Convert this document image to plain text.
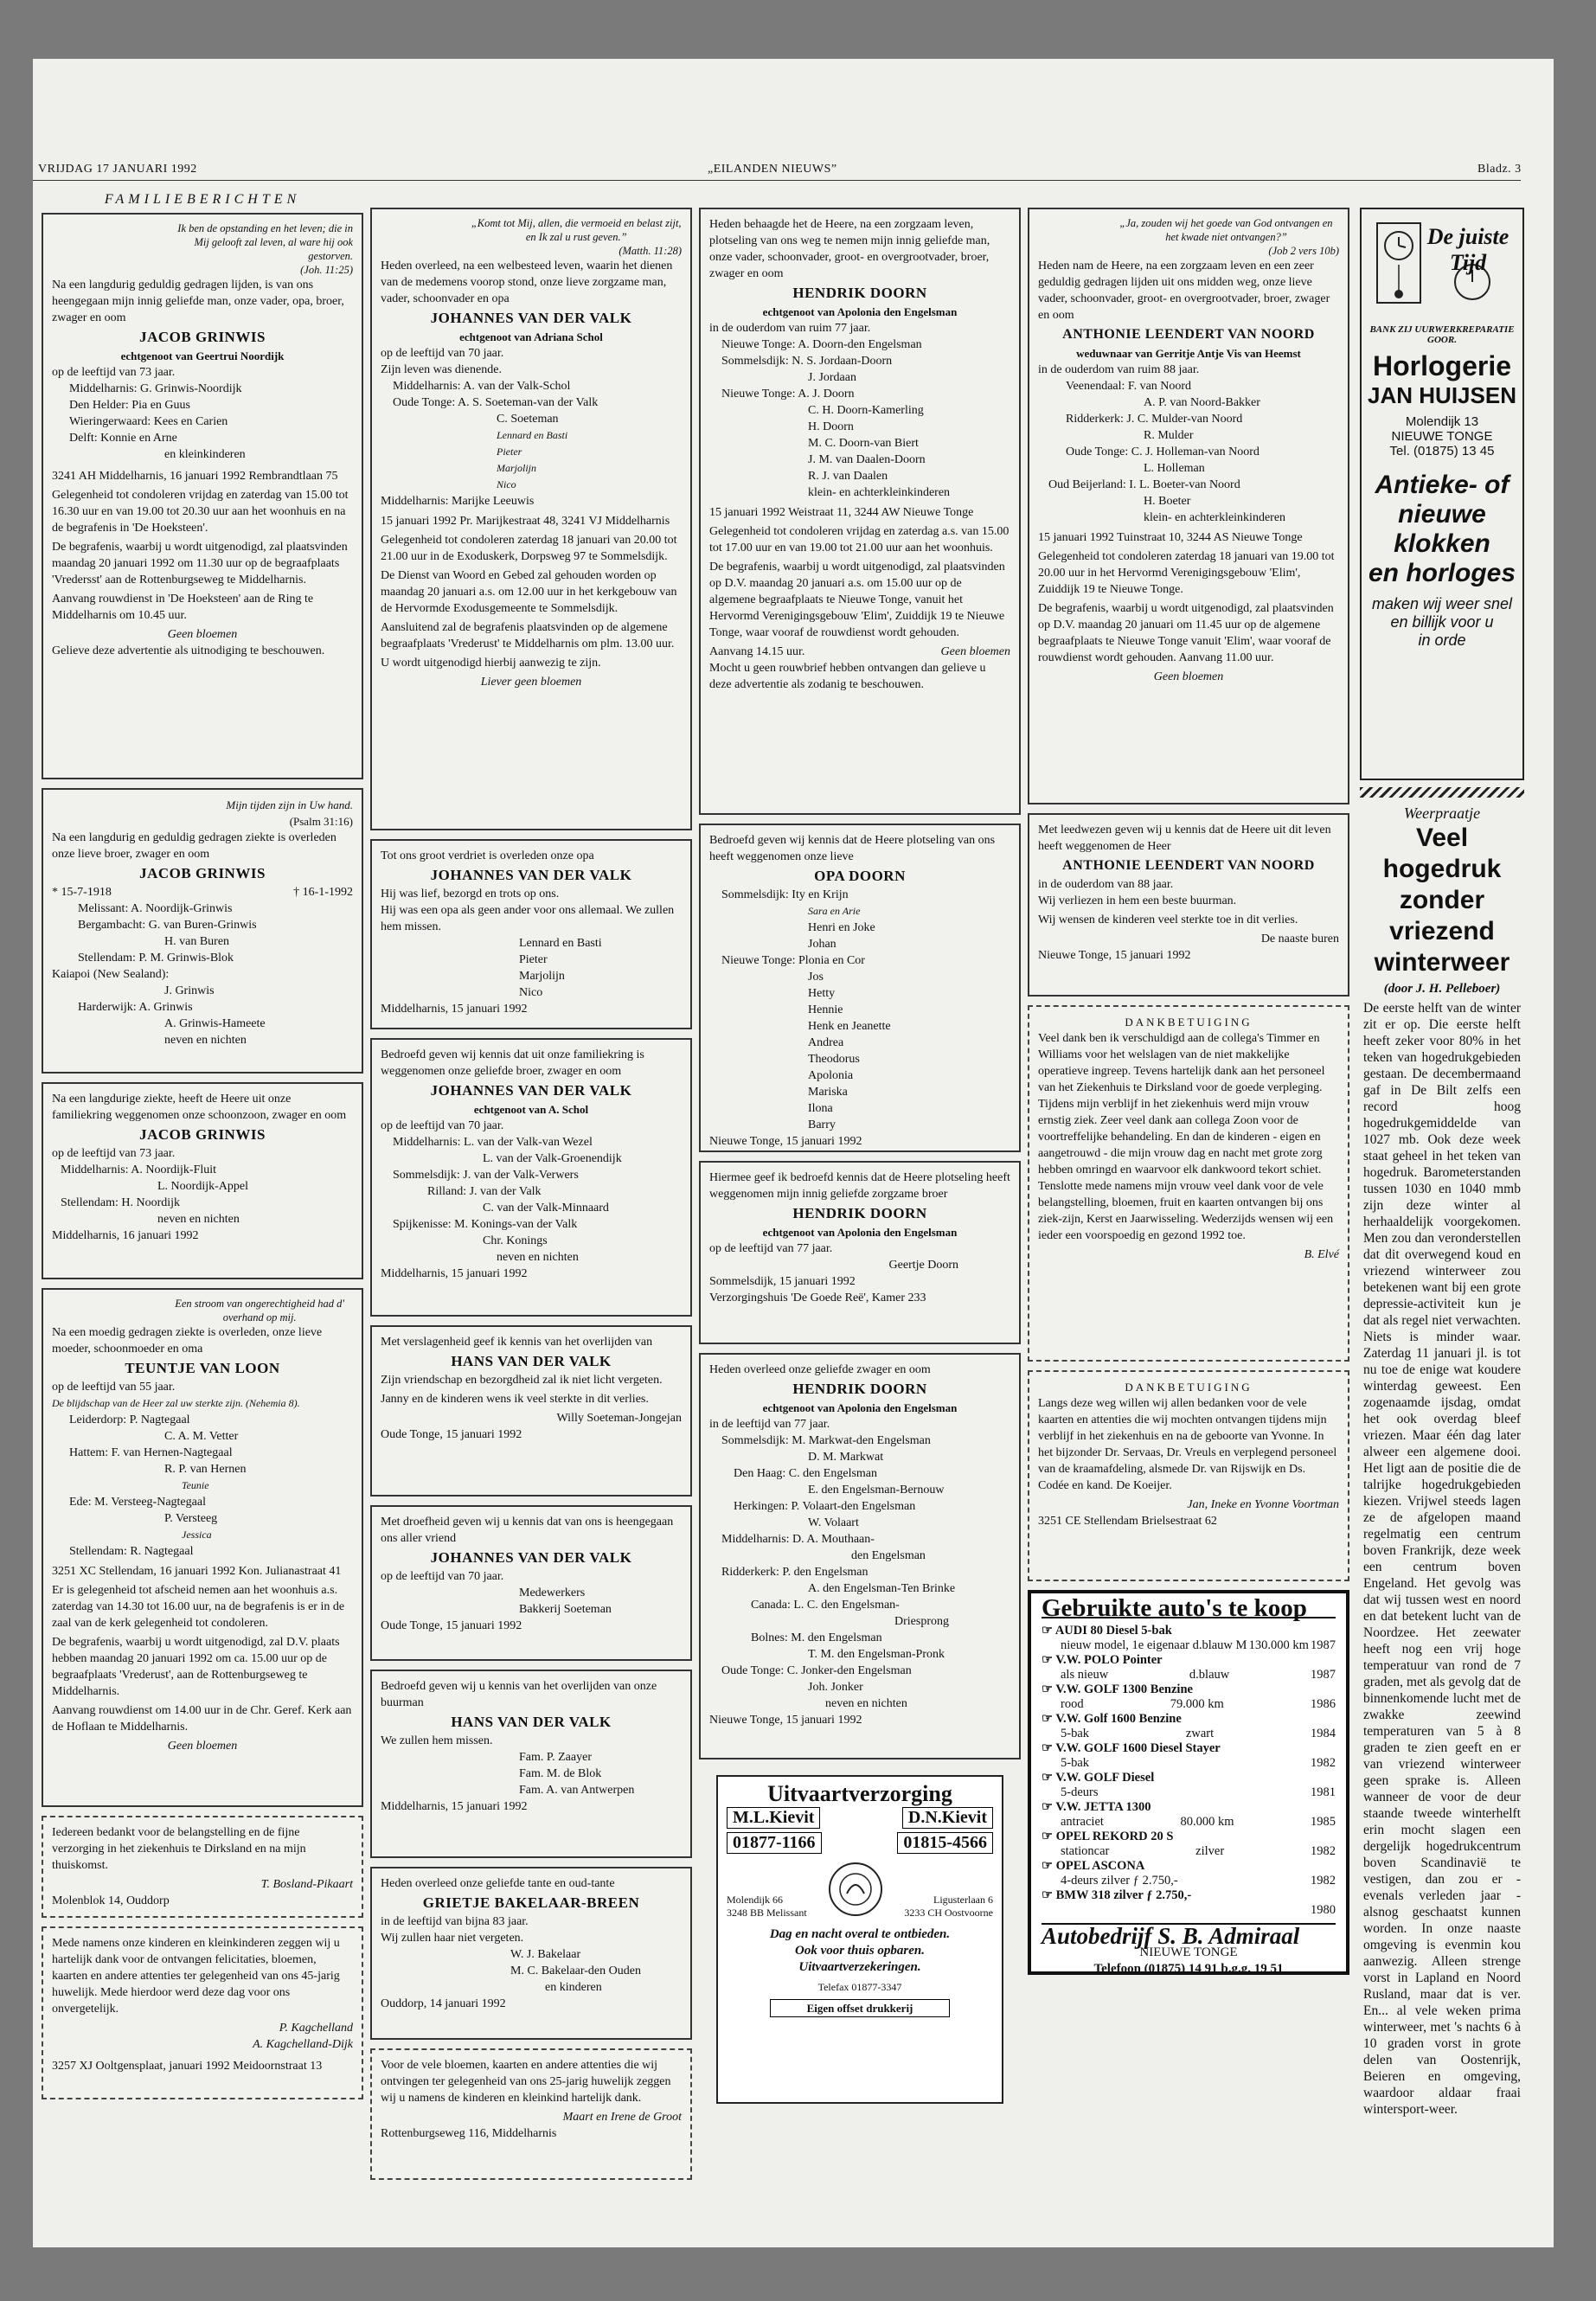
VRIJDAG 17 JANUARI 1992	„EILANDEN NIEUWS”	Bladz. 3
FAMILIEBERICHTEN
Ik ben de opstanding en het leven; die in Mij gelooft zal leven, al ware hij ook gestorven.
(Joh. 11:25)

Na een langdurig geduldig gedragen lijden, is van ons heengegaan mijn innig geliefde man, onze vader, opa, broer, zwager en oom

JACOB GRINWIS
echtgenoot van Geertrui Noordijk
op de leeftijd van 73 jaar.
Middelharnis: G. Grinwis-Noordijk
Den Helder: Pia en Guus
Wieringerwaard: Kees en Carien
Delft: Konnie en Arne
en kleinkinderen

3241 AH Middelharnis, 16 januari 1992 Rembrandtlaan 75

Gelegenheid tot condoleren vrijdag en zaterdag van 15.00 tot 16.30 uur en van 19.00 tot 20.30 uur aan het woonhuis en na de begrafenis in 'De Hoeksteen'.

De begrafenis, waarbij u wordt uitgenodigd, zal plaatsvinden maandag 20 januari 1992 om 11.30 uur op de begraafplaats 'Vredersst' aan de Rottenburgseweg te Middelharnis.

Aanvang rouwdienst in 'De Hoeksteen' aan de Ring te Middelharnis om 10.45 uur.

Geen bloemen

Gelieve deze advertentie als uitnodiging te beschouwen.

Mijn tijden zijn in Uw hand.
(Psalm 31:16)

Na een langdurig en geduldig gedragen ziekte is overleden onze lieve broer, zwager en oom

JACOB GRINWIS
* 15-7-1918	† 16-1-1992
Melissant: A. Noordijk-Grinwis
Bergambacht: G. van Buren-Grinwis
H. van Buren
Stellendam: P. M. Grinwis-Blok
Kaiapoi (New Sealand):
J. Grinwis
Harderwijk: A. Grinwis
A. Grinwis-Hameete
neven en nichten

Na een langdurige ziekte, heeft de Heere uit onze familiekring weggenomen onze schoonzoon, zwager en oom

JACOB GRINWIS
op de leeftijd van 73 jaar.
Middelharnis: A. Noordijk-Fluit
L. Noordijk-Appel
Stellendam: H. Noordijk
neven en nichten
Middelharnis, 16 januari 1992
Een stroom van ongerechtigheid had d' overhand op mij.

Na een moedig gedragen ziekte is overleden, onze lieve moeder, schoonmoeder en oma

TEUNTJE VAN LOON
op de leeftijd van 55 jaar.
De blijdschap van de Heer zal uw sterkte zijn. (Nehemia 8).
Leiderdorp: P. Nagtegaal
C. A. M. Vetter
Hattem: F. van Hernen-Nagtegaal
R. P. van Hernen
Teunie
Ede: M. Versteeg-Nagtegaal
P. Versteeg
Jessica
Stellendam: R. Nagtegaal

3251 XC Stellendam, 16 januari 1992 Kon. Julianastraat 41

Er is gelegenheid tot afscheid nemen aan het woonhuis a.s. zaterdag van 14.30 tot 16.00 uur, na de begrafenis is er in de zaal van de kerk gelegenheid tot condoleren.

De begrafenis, waarbij u wordt uitgenodigd, zal D.V. plaats hebben maandag 20 januari 1992 om ca. 15.00 uur op de begraafplaats 'Vrederust', aan de Rottenburgseweg te Middelharnis.

Aanvang rouwdienst om 14.00 uur in de Chr. Geref. Kerk aan de Hoflaan te Middelharnis.

Geen bloemen

Iedereen bedankt voor de belangstelling en de fijne verzorging in het ziekenhuis te Dirksland en na mijn thuiskomst.

T. Bosland-Pikaart
Molenblok 14, Ouddorp

Mede namens onze kinderen en kleinkinderen zeggen wij u hartelijk dank voor de ontvangen felicitaties, bloemen, kaarten en andere attenties ter gelegenheid van ons 45-jarig huwelijk. Mede hierdoor werd deze dag voor ons onvergetelijk.

P. Kagchelland
A. Kagchelland-Dijk
3257 XJ Ooltgensplaat, januari 1992 Meidoornstraat 13
„Komt tot Mij, allen, die vermoeid en belast zijt, en Ik zal u rust geven.”
(Matth. 11:28)

Heden overleed, na een welbesteed leven, waarin het dienen van de medemens voorop stond, onze lieve zorgzame man, vader, schoonvader en opa

JOHANNES VAN DER VALK
echtgenoot van Adriana Schol
op de leeftijd van 70 jaar.
Zijn leven was dienende.
Middelharnis: A. van der Valk-Schol
Oude Tonge: A. S. Soeteman-van der Valk
C. Soeteman
Lennard en Basti
Pieter
Marjolijn
Nico
Middelharnis: Marijke Leeuwis

15 januari 1992 Pr. Marijkestraat 48, 3241 VJ Middelharnis

Gelegenheid tot condoleren zaterdag 18 januari van 20.00 tot 21.00 uur in de Exoduskerk, Dorpsweg 97 te Sommelsdijk.

De Dienst van Woord en Gebed zal gehouden worden op maandag 20 januari a.s. om 12.00 uur in het kerkgebouw van de Hervormde Exodusgemeente te Sommelsdijk.

Aansluitend zal de begrafenis plaatsvinden op de algemene begraafplaats 'Vrederust' te Middelharnis om plm. 13.00 uur.

U wordt uitgenodigd hierbij aanwezig te zijn.

Liever geen bloemen

Tot ons groot verdriet is overleden onze opa

JOHANNES VAN DER VALK
Hij was lief, bezorgd en trots op ons.
Hij was een opa als geen ander voor ons allemaal. We zullen hem missen.
Lennard en Basti
Pieter
Marjolijn
Nico
Middelharnis, 15 januari 1992

Bedroefd geven wij kennis dat uit onze familiekring is weggenomen onze geliefde broer, zwager en oom

JOHANNES VAN DER VALK
echtgenoot van A. Schol
op de leeftijd van 70 jaar.
Middelharnis: L. van der Valk-van Wezel
L. van der Valk-Groenendijk
Sommelsdijk: J. van der Valk-Verwers
Rilland: J. van der Valk
C. van der Valk-Minnaard
Spijkenisse: M. Konings-van der Valk
Chr. Konings
neven en nichten
Middelharnis, 15 januari 1992

Met verslagenheid geef ik kennis van het overlijden van

HANS VAN DER VALK

Zijn vriendschap en bezorgdheid zal ik niet licht vergeten.

Janny en de kinderen wens ik veel sterkte in dit verlies.

Willy Soeteman-Jongejan
Oude Tonge, 15 januari 1992

Met droefheid geven wij u kennis dat van ons is heengegaan ons aller vriend

JOHANNES VAN DER VALK
op de leeftijd van 70 jaar.
Medewerkers
Bakkerij Soeteman
Oude Tonge, 15 januari 1992

Bedroefd geven wij u kennis van het overlijden van onze buurman

HANS VAN DER VALK
We zullen hem missen.
Fam. P. Zaayer
Fam. M. de Blok
Fam. A. van Antwerpen
Middelharnis, 15 januari 1992

Heden overleed onze geliefde tante en oud-tante

GRIETJE BAKELAAR-BREEN
in de leeftijd van bijna 83 jaar.
Wij zullen haar niet vergeten.
W. J. Bakelaar
M. C. Bakelaar-den Ouden
en kinderen
Ouddorp, 14 januari 1992

Voor de vele bloemen, kaarten en andere attenties die wij ontvingen ter gelegenheid van ons 25-jarig huwelijk zeggen wij u namens de kinderen en kleinkind hartelijk dank.

Maart en Irene de Groot
Rottenburgseweg 116, Middelharnis

Heden behaagde het de Heere, na een zorgzaam leven, plotseling van ons weg te nemen mijn innig geliefde man, onze vader, schoonvader, groot- en overgrootvader, broer, zwager en oom

HENDRIK DOORN
echtgenoot van Apolonia den Engelsman
in de ouderdom van ruim 77 jaar.
Nieuwe Tonge: A. Doorn-den Engelsman
Sommelsdijk: N. S. Jordaan-Doorn
J. Jordaan
Nieuwe Tonge: A. J. Doorn
C. H. Doorn-Kamerling
H. Doorn
M. C. Doorn-van Biert
J. M. van Daalen-Doorn
R. J. van Daalen
klein- en achterkleinkinderen

15 januari 1992 Weistraat 11, 3244 AW Nieuwe Tonge

Gelegenheid tot condoleren vrijdag en zaterdag a.s. van 15.00 tot 17.00 uur en van 19.00 tot 21.00 uur aan het woonhuis.

De begrafenis, waarbij u wordt uitgenodigd, zal plaatsvinden op D.V. maandag 20 januari a.s. om 15.00 uur op de algemene begraafplaats te Nieuwe Tonge, vanuit het Hervormd Verenigingsgebouw 'Elim', Zuiddijk 19 te Nieuwe Tonge, waar vooraf de rouwdienst wordt gehouden.

Aanvang 14.15 uur.	Geen bloemen

Mocht u geen rouwbrief hebben ontvangen dan gelieve u deze advertentie als zodanig te beschouwen.

Bedroefd geven wij kennis dat de Heere plotseling van ons heeft weggenomen onze lieve

OPA DOORN
Sommelsdijk: Ity en Krijn
Sara en Arie
Henri en Joke
Johan
Nieuwe Tonge: Plonia en Cor
Jos
Hetty
Hennie
Henk en Jeanette
Andrea
Theodorus
Apolonia
Mariska
Ilona
Barry
Nieuwe Tonge, 15 januari 1992

Hiermee geef ik bedroefd kennis dat de Heere plotseling heeft weggenomen mijn innig geliefde zorgzame broer

HENDRIK DOORN
echtgenoot van Apolonia den Engelsman
op de leeftijd van 77 jaar.
Geertje Doorn
Sommelsdijk, 15 januari 1992
Verzorgingshuis 'De Goede Reë', Kamer 233

Heden overleed onze geliefde zwager en oom

HENDRIK DOORN
echtgenoot van Apolonia den Engelsman
in de leeftijd van 77 jaar.
Sommelsdijk: M. Markwat-den Engelsman
D. M. Markwat
Den Haag: C. den Engelsman
E. den Engelsman-Bernouw
Herkingen: P. Volaart-den Engelsman
W. Volaart
Middelharnis: D. A. Mouthaan-
den Engelsman
Ridderkerk: P. den Engelsman
A. den Engelsman-Ten Brinke
Canada: L. C. den Engelsman-
Driesprong
Bolnes: M. den Engelsman
T. M. den Engelsman-Pronk
Oude Tonge: C. Jonker-den Engelsman
Joh. Jonker
neven en nichten
Nieuwe Tonge, 15 januari 1992
Uitvaartverzorging
M.L.Kievit	D.N.Kievit
01877-1166	01815-4566
Molendijk 66
3248 BB Melissant
Ligusterlaan 6
3233 CH Oostvoorne
Dag en nacht overal te ontbieden.
Ook voor thuis opbaren.
Uitvaartverzekeringen.
Telefax 01877-3347
Eigen offset drukkerij
„Ja, zouden wij het goede van God ontvangen en het kwade niet ontvangen?”
(Job 2 vers 10b)

Heden nam de Heere, na een zorgzaam leven en een zeer geduldig gedragen lijden uit ons midden weg, onze lieve vader, schoonvader, groot- en overgrootvader, broer, zwager en oom

ANTHONIE LEENDERT VAN NOORD
weduwnaar van Gerritje Antje Vis van Heemst
in de ouderdom van ruim 88 jaar.
Veenendaal: F. van Noord
A. P. van Noord-Bakker
Ridderkerk: J. C. Mulder-van Noord
R. Mulder
Oude Tonge: C. J. Holleman-van Noord
L. Holleman
Oud Beijerland: I. L. Boeter-van Noord
H. Boeter
klein- en achterkleinkinderen

15 januari 1992 Tuinstraat 10, 3244 AS Nieuwe Tonge

Gelegenheid tot condoleren zaterdag 18 januari van 19.00 tot 20.00 uur in het Hervormd Verenigingsgebouw 'Elim', Zuiddijk 19 te Nieuwe Tonge.

De begrafenis, waarbij u wordt uitgenodigd, zal plaatsvinden op D.V. maandag 20 januari om 11.45 uur op de algemene begraafplaats te Nieuwe Tonge vanuit 'Elim', waar vooraf de rouwdienst wordt gehouden. Aanvang 11.00 uur.

Geen bloemen

Met leedwezen geven wij u kennis dat de Heere uit dit leven heeft weggenomen de Heer

ANTHONIE LEENDERT VAN NOORD
in de ouderdom van 88 jaar.

Wij verliezen in hem een beste buurman.

Wij wensen de kinderen veel sterkte toe in dit verlies.

De naaste buren
Nieuwe Tonge, 15 januari 1992
DANKBETUIGING

Veel dank ben ik verschuldigd aan de collega's Timmer en Williams voor het welslagen van de niet makkelijke operatieve ingreep. Tevens hartelijk dank aan het personeel van het Ziekenhuis te Dirksland voor de goede verpleging. Tijdens mijn verblijf in het ziekenhuis werd mijn vrouw ernstig ziek. Zeer veel dank aan collega Zoon voor de voortreffelijke behandeling. En dan de kinderen - eigen en aangetrouwd - die mijn vrouw dag en nacht met grote zorg hebben omringd en waarvoor elk dankwoord tekort schiet. Tenslotte mede namens mijn vrouw veel dank voor de vele belangstelling, bloemen, fruit en kaarten ontvangen bij ons ziek-zijn, Kerst en Jaarwisseling. Wederzijds wensen wij een ieder een voorspoedig en gezond 1992 toe.

B. Elvé
DANKBETUIGING

Langs deze weg willen wij allen bedanken voor de vele kaarten en attenties die wij mochten ontvangen tijdens mijn verblijf in het ziekenhuis en na de geboorte van Yvonne. In het bijzonder Dr. Servaas, Dr. Vreuls en verplegend personeel van de kraamafdeling, alsmede Dr. van Rijswijk en Ds. Codée en kand. De Koeijer.

Jan, Ineke en Yvonne Voortman
3251 CE Stellendam Brielsestraat 62
Gebruikte auto's te koop
☞ AUDI 80 Diesel 5-bak
nieuw model, 1e eigenaar d.blauw M 130.000 km 1987
☞ V.W. POLO Pointer
als nieuw	d.blauw	1987
☞ V.W. GOLF 1300 Benzine
rood	79.000 km	1986
☞ V.W. Golf 1600 Benzine
5-bak	zwart	1984
☞ V.W. GOLF 1600 Diesel Stayer
5-bak	1982
☞ V.W. GOLF Diesel
5-deurs	1981
☞ V.W. JETTA 1300
antraciet	80.000 km	1985
☞ OPEL REKORD 20 S
stationcar	zilver	1982
☞ OPEL ASCONA
4-deurs zilver ƒ 2.750,-	1982
☞ BMW 318 zilver ƒ 2.750,-
1980
Autobedrijf S. B. Admiraal
NIEUWE TONGE
Telefoon (01875) 14 91 b.g.g. 19 51
De juiste Tijd
BANK ZIJ UURWERKREPARATIE GOOR.
Horlogerie
JAN HUIJSEN
Molendijk 13
NIEUWE TONGE
Tel. (01875) 13 45
Antieke- of
nieuwe klokken
en horloges
maken wij weer snel
en billijk voor u
in orde
Weerpraatje
Veel hogedruk
zonder vriezend
winterweer
(door J. H. Pelleboer)

De eerste helft van de winter zit er op. Die eerste helft heeft zeker voor 80% in het teken van hogedrukgebieden gestaan. De decembermaand gaf in De Bilt zelfs een record hoog hogedrukgemiddelde van 1027 mb. Ook deze week staat geheel in het teken van hogedruk. Barometerstanden tussen 1030 en 1040 mmb zijn deze winter al herhaaldelijk voorgekomen. Men zou dan veronderstellen dat dit overwegend koud en vriezend winterweer zou betekenen want bij een grote depressie-activiteit kun je dat als regel niet verwachten. Niets is minder waar. Zaterdag 11 januari jl. is tot nu toe de enige wat koudere winterdag geweest. Een zogenaamde ijsdag, omdat het ook overdag bleef vriezen. Maar één dag later alweer een algemene dooi. Het ligt aan de positie die de talrijke hogedrukgebieden kiezen. Vrijwel steeds lagen ze de afgelopen maand regelmatig een centrum boven Frankrijk, deze week een centrum boven Engeland. Het gevolg was dat wij tussen west en noord en dat betekent lucht van de Noordzee. Het zeewater heeft nog een vrij hoge temperatuur van rond de 7 graden, met als gevolg dat de binnenkomende lucht met de zwakke zeewind temperaturen van 5 à 8 graden te zien geeft en er van vriezend winterweer geen sprake is. Alleen wanneer de voor de deur staande tweede winterhelft erin mocht slagen een dergelijk hogedrukcentrum boven Scandinavië te vestigen, dan zou er - evenals verleden jaar - alsnog geschaatst kunnen worden. In onze naaste omgeving is evenmin kou aanwezig. Alleen strenge vorst in Lapland en Noord Rusland, maar dat is ver. En... al vele weken prima winterweer, met 's nachts 6 à 10 graden vorst in grote delen van Oostenrijk, Beieren en omgeving, waardoor aldaar fraai wintersport-weer.
